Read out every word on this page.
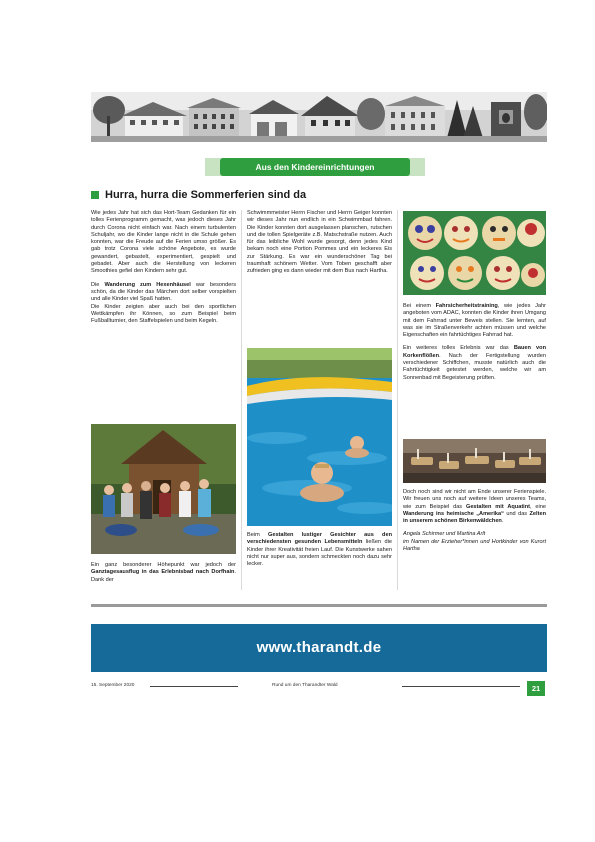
Aus den Kindereinrichtungen
Hurra, hurra die Sommerferien sind da

Wie jedes Jahr hat sich das Hort-Team Gedanken für ein tolles Ferienprogramm gemacht, was jedoch dieses Jahr durch Corona nicht einfach war. Nach einem turbulenten Schuljahr, wo die Kinder lange nicht in die Schule gehen konnten, war die Freude auf die Ferien umso größer. Es gab trotz Corona viele schöne Angebote, es wurde gewandert, gebastelt, experimentiert, gespielt und gebadet. Aber auch die Herstellung von leckeren Smoothies gefiel den Kindern sehr gut.

Die Wanderung zum Hexenhäusel war besonders schön, da die Kinder das Märchen dort selber vorspielten und alle Kinder viel Spaß hatten.
Die Kinder zeigten aber auch bei den sportlichen Wettkämpfen ihr Können, so zum Beispiel beim Fußballturnier, den Staffelspielen und beim Kegeln.

Ein ganz besonderer Höhepunkt war jedoch der Ganztagesausflug in das Erlebnisbad nach Dorfhain. Dank der

Schwimmmeister Herrn Fischer und Herrn Geiger konnten wir dieses Jahr nun endlich in ein Schwimmbad fahren. Die Kinder konnten dort ausgelassen planschen, rutschen und die tollen Spielgeräte z.B. Matschstraße nutzen. Auch für das leibliche Wohl wurde gesorgt, denn jedes Kind bekam noch eine Portion Pommes und ein leckeres Eis zur Stärkung. Es war ein wunderschöner Tag bei traumhaft schönem Wetter. Vom Toben geschafft aber zufrieden ging es dann wieder mit dem Bus nach Hartha.

Beim Gestalten lustiger Gesichter aus den verschiedensten gesunden Lebensmitteln ließen die Kinder ihrer Kreativität freien Lauf. Die Kunstwerke sahen nicht nur super aus, sondern schmeckten noch dazu sehr lecker.

Bei einem Fahrsicherheitstraining, wie jedes Jahr angeboten vom ADAC, konnten die Kinder ihren Umgang mit dem Fahrrad unter Beweis stellen. Sie lernten, auf was sie im Straßenverkehr achten müssen und welche Eigenschaften ein fahrtüchtiges Fahrrad hat.

Ein weiteres tolles Erlebnis war das Bauen von Korkenflößen. Nach der Fertigstellung wurden verschiedener Schiffchen, musste natürlich auch die Fahrtüchtigkeit getestet werden, welche wir am Sonnenbad mit Begeisterung prüften.

Doch noch sind wir nicht am Ende unserer Ferienspiele. Wir freuen uns noch auf weitere Ideen unseres Teams, wie zum Beispiel das Gestalten mit Aquatint, eine Wanderung ins heimische „Amerika“ und das Zelten in unserem schönen Birkenwäldchen.

Angela Schirmer und Martina Arlt
im Namen der Erzieher*innen und Hortkinder von Kurort Hartha

www.tharandt.de
15. September 2020	Rund um den Tharandter Wald	21
